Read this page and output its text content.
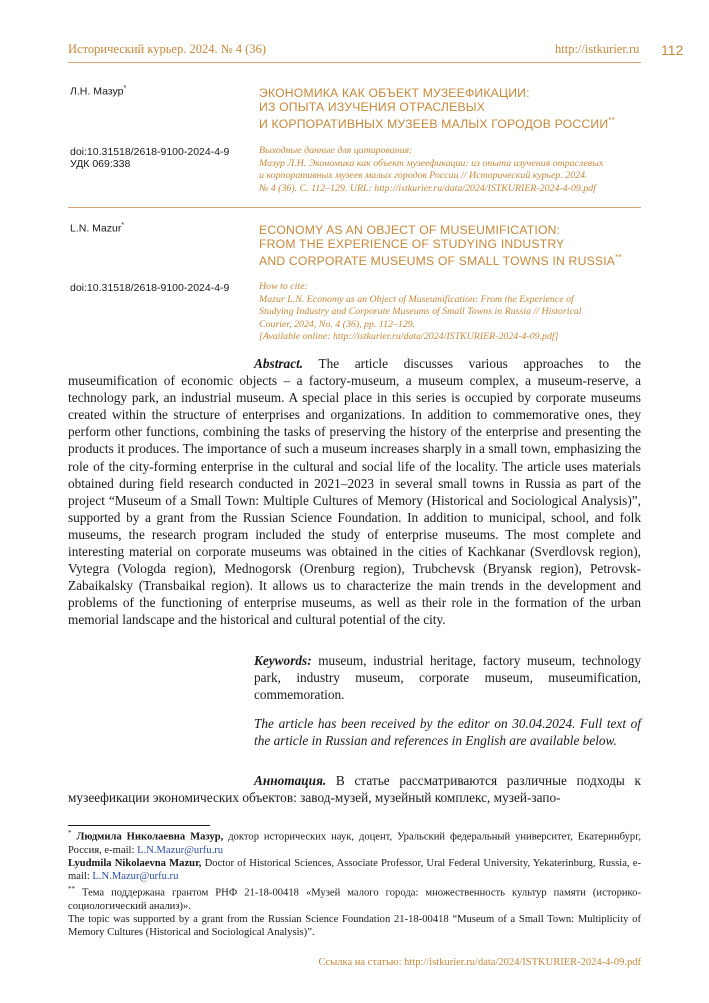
Исторический курьер. 2024. № 4 (36)	http://istkurier.ru 112
Л.Н. Мазур*	ЭКОНОМИКА КАК ОБЪЕКТ МУЗЕЕФИКАЦИИ:
ИЗ ОПЫТА ИЗУЧЕНИЯ ОТРАСЛЕВЫХ
И КОРПОРАТИВНЫХ МУЗЕЕВ МАЛЫХ ГОРОДОВ РОССИИ**
doi:10.31518/2618-9100-2024-4-9
УДК 069:338
Выходные данные для цитирования:
Мазур Л.Н. Экономика как объект музеефикации: из опыта изучения отраслевых
и корпоративных музеев малых городов России // Исторический курьер. 2024.
№ 4 (36). С. 112–129. URL: http://istkurier.ru/data/2024/ISTKURIER-2024-4-09.pdf
L.N. Mazur*	ECONOMY AS AN OBJECT OF MUSEUMIFICATION:
FROM THE EXPERIENCE OF STUDYING INDUSTRY
AND CORPORATE MUSEUMS OF SMALL TOWNS IN RUSSIA**
doi:10.31518/2618-9100-2024-4-9	How to cite:
Mazur L.N. Economy as an Object of Museumification: From the Experience of
Studying Industry and Corporate Museums of Small Towns in Russia // Historical
Courier, 2024, No. 4 (36), pp. 112–129.
[Available online: http://istkurier.ru/data/2024/ISTKURIER-2024-4-09.pdf]

Abstract. The article discusses various approaches to the museumification of economic objects – a factory-museum, a museum complex, a museum-reserve, a technology park, an industrial museum. A special place in this series is occupied by corporate museums created within the structure of enterprises and organizations. In addition to commemorative ones, they perform other functions, combining the tasks of preserving the history of the enterprise and presenting the products it produces. The importance of such a museum increases sharply in a small town, emphasizing the role of the city-forming enterprise in the cultural and social life of the locality. The article uses materials obtained during field research conducted in 2021–2023 in several small towns in Russia as part of the project “Museum of a Small Town: Multiple Cultures of Memory (Historical and Sociological Analysis)”, supported by a grant from the Russian Science Foundation. In addition to municipal, school, and folk museums, the research program included the study of enterprise museums. The most complete and interesting material on corporate museums was obtained in the cities of Kachkanar (Sverdlovsk region), Vytegra (Vologda region), Mednogorsk (Orenburg region), Trubchevsk (Bryansk region), Petrovsk-Zabaikalsky (Transbaikal region). It allows us to characterize the main trends in the development and problems of the functioning of enterprise museums, as well as their role in the formation of the urban memorial landscape and the historical and cultural potential of the city.

Keywords: museum, industrial heritage, factory museum, technology park, industry museum, corporate museum, museumification, commemoration.

The article has been received by the editor on 30.04.2024. Full text of the article in Russian and references in English are available below.

Аннотация. В статье рассматриваются различные подходы к музеефикации экономических объектов: завод-музей, музейный комплекс, музей-запо-

* Людмила Николаевна Мазур, доктор исторических наук, доцент, Уральский федеральный университет, Екатеринбург, Россия, e-mail: L.N.Mazur@urfu.ru

Lyudmila Nikolaevna Mazur, Doctor of Historical Sciences, Associate Professor, Ural Federal University, Yekaterinburg, Russia, e-mail: L.N.Mazur@urfu.ru

** Тема поддержана грантом РНФ 21-18-00418 «Музей малого города: множественность культур памяти (историко-социологический анализ)».

The topic was supported by a grant from the Russian Science Foundation 21-18-00418 “Museum of a Small Town: Multiplicity of Memory Cultures (Historical and Sociological Analysis)”.

Ссылка на статью: http://istkurier.ru/data/2024/ISTKURIER-2024-4-09.pdf
